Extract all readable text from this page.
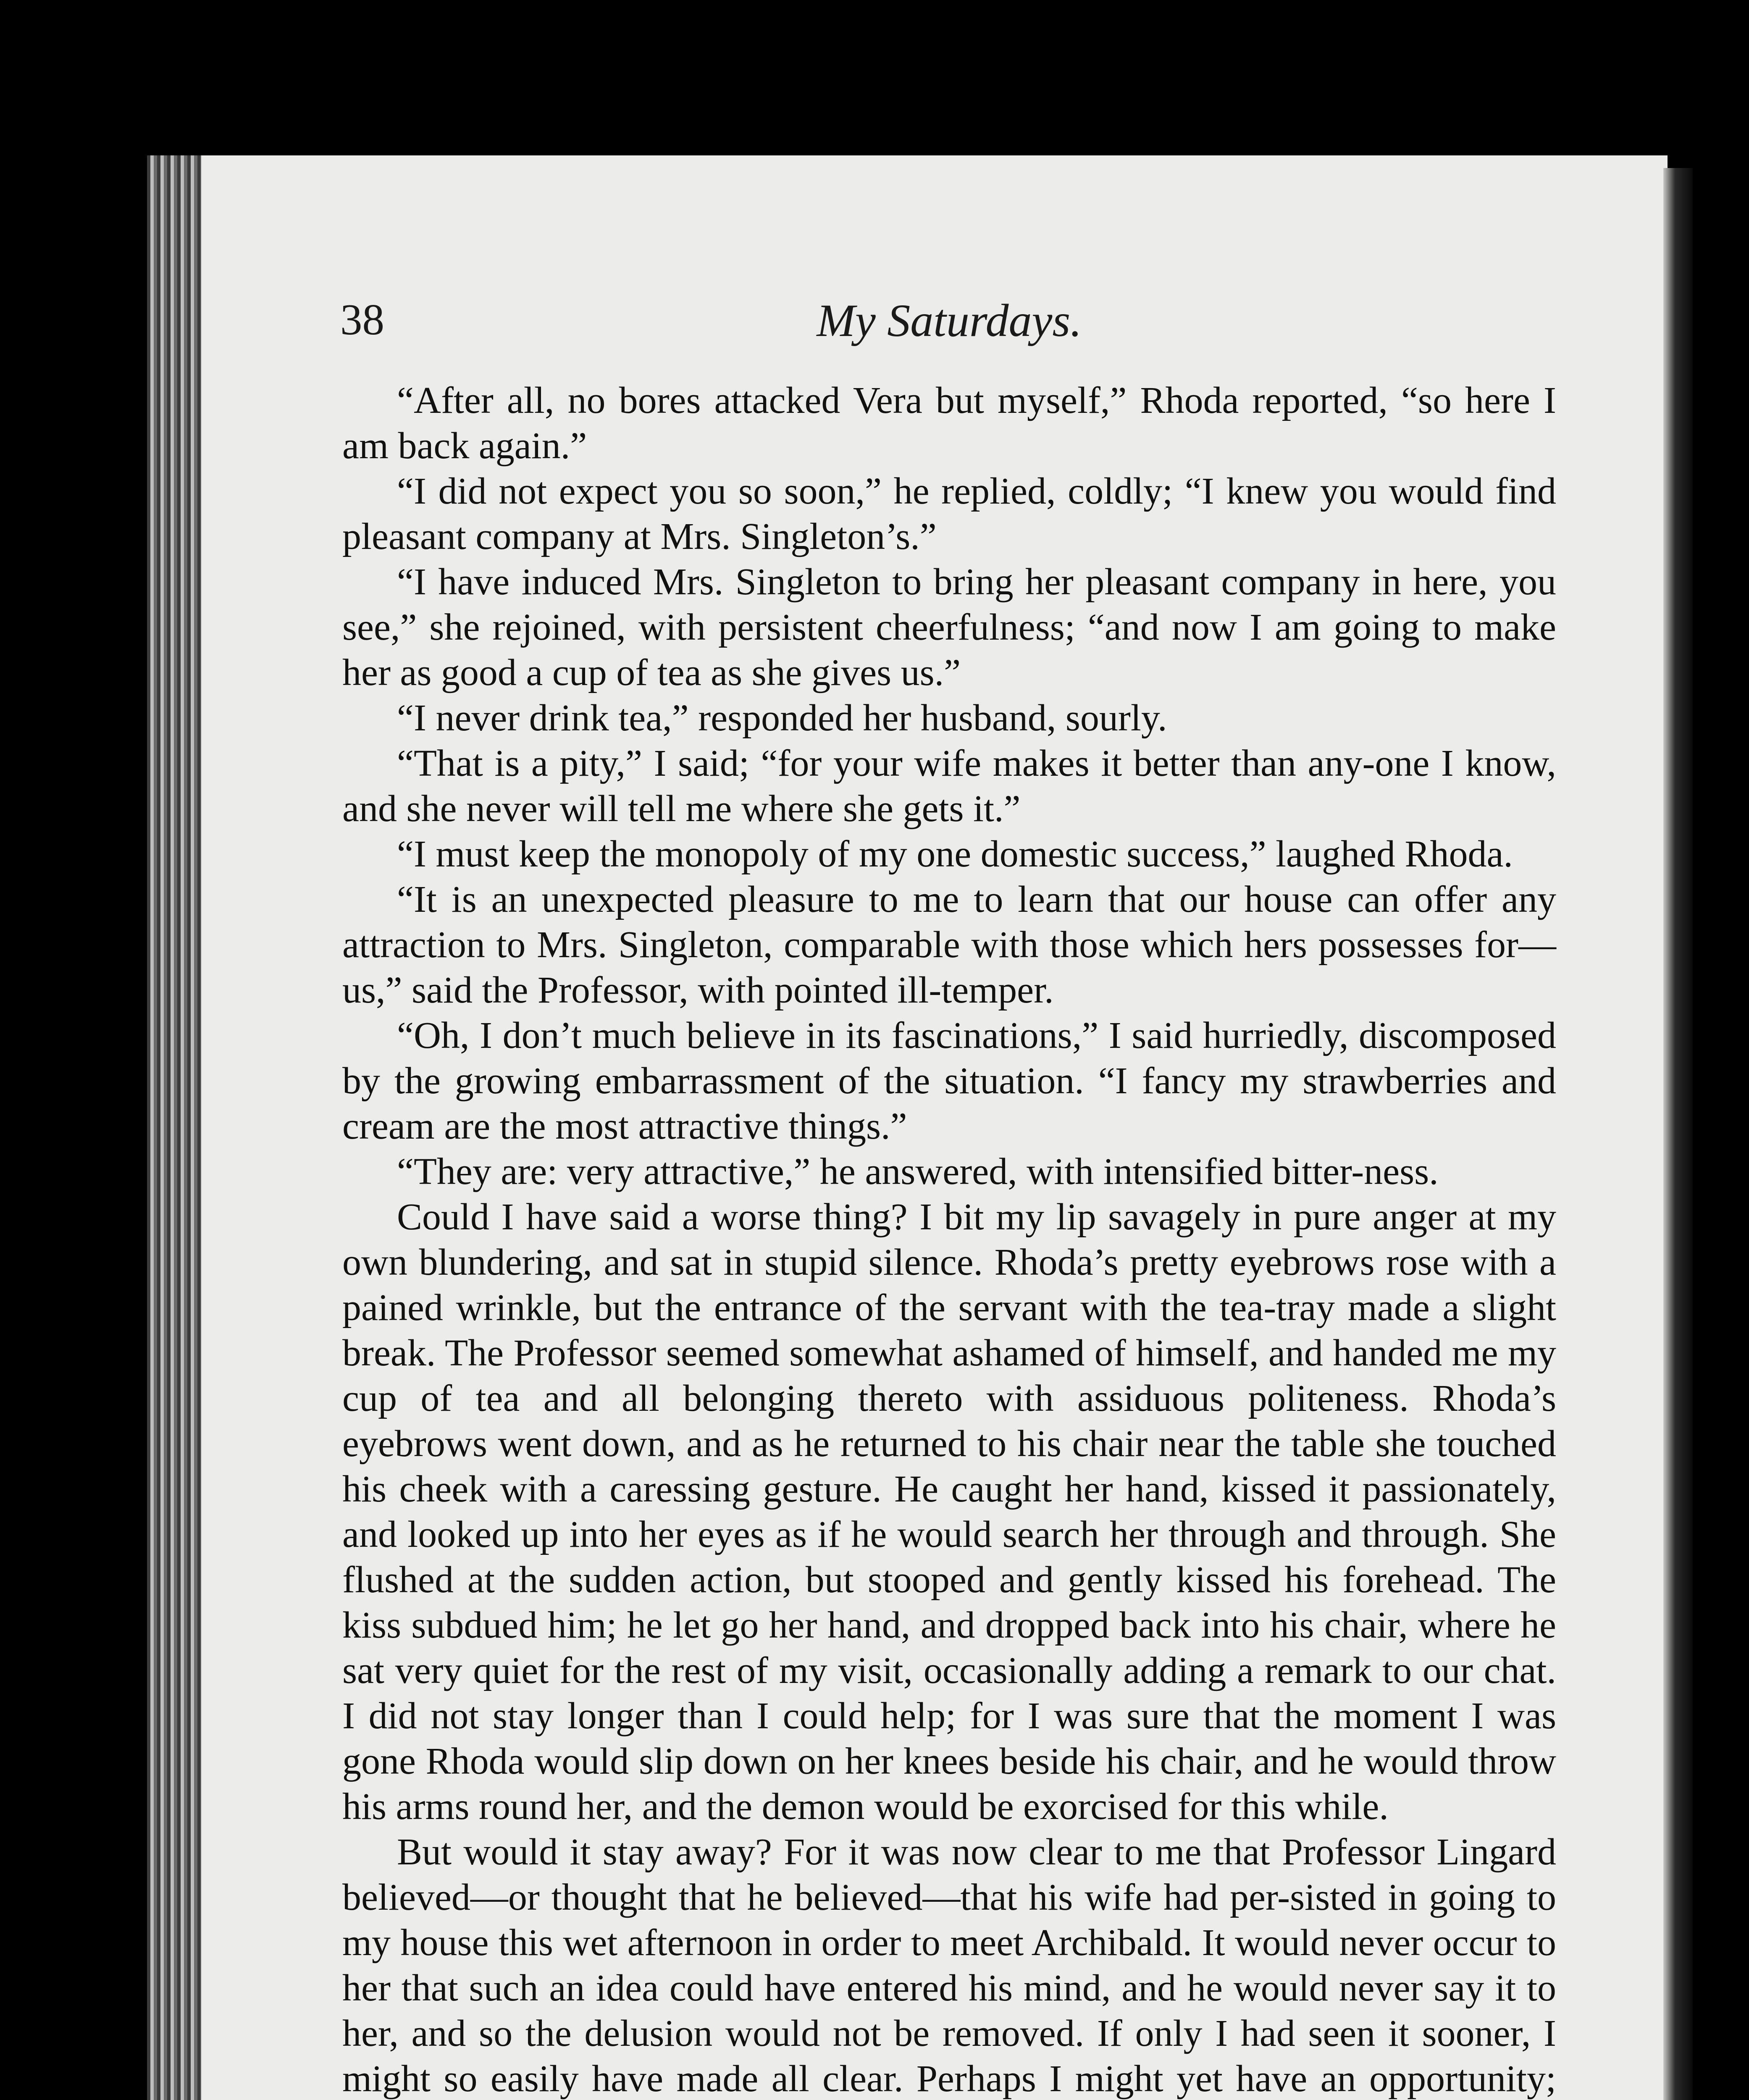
38	My Saturdays.

“After all, no bores attacked Vera but myself,” Rhoda reported, “so here I am back again.”

“I did not expect you so soon,” he replied, coldly; “I knew you would find pleasant company at Mrs. Singleton’s.”

“I have induced Mrs. Singleton to bring her pleasant company in here, you see,” she rejoined, with persistent cheerfulness; “and now I am going to make her as good a cup of tea as she gives us.”

“I never drink tea,” responded her husband, sourly.

“That is a pity,” I said; “for your wife makes it better than any-one I know, and she never will tell me where she gets it.”

“I must keep the monopoly of my one domestic success,” laughed Rhoda.

“It is an unexpected pleasure to me to learn that our house can offer any attraction to Mrs. Singleton, comparable with those which hers possesses for—us,” said the Professor, with pointed ill-temper.

“Oh, I don’t much believe in its fascinations,” I said hurriedly, discomposed by the growing embarrassment of the situation. “I fancy my strawberries and cream are the most attractive things.”

“They are: very attractive,” he answered, with intensified bitter-ness.

Could I have said a worse thing? I bit my lip savagely in pure anger at my own blundering, and sat in stupid silence. Rhoda’s pretty eyebrows rose with a pained wrinkle, but the entrance of the servant with the tea-tray made a slight break. The Professor seemed somewhat ashamed of himself, and handed me my cup of tea and all belonging thereto with assiduous politeness. Rhoda’s eyebrows went down, and as he returned to his chair near the table she touched his cheek with a caressing gesture. He caught her hand, kissed it passionately, and looked up into her eyes as if he would search her through and through. She flushed at the sudden action, but stooped and gently kissed his forehead. The kiss subdued him; he let go her hand, and dropped back into his chair, where he sat very quiet for the rest of my visit, occasionally adding a remark to our chat. I did not stay longer than I could help; for I was sure that the moment I was gone Rhoda would slip down on her knees beside his chair, and he would throw his arms round her, and the demon would be exorcised for this while.

But would it stay away? For it was now clear to me that Professor Lingard believed—or thought that he believed—that his wife had per-sisted in going to my house this wet afternoon in order to meet Archibald. It would never occur to her that such an idea could have entered his mind, and he would never say it to her, and so the delusion would not be removed. If only I had seen it sooner, I might so easily have made all clear. Perhaps I might yet have an opportunity;
